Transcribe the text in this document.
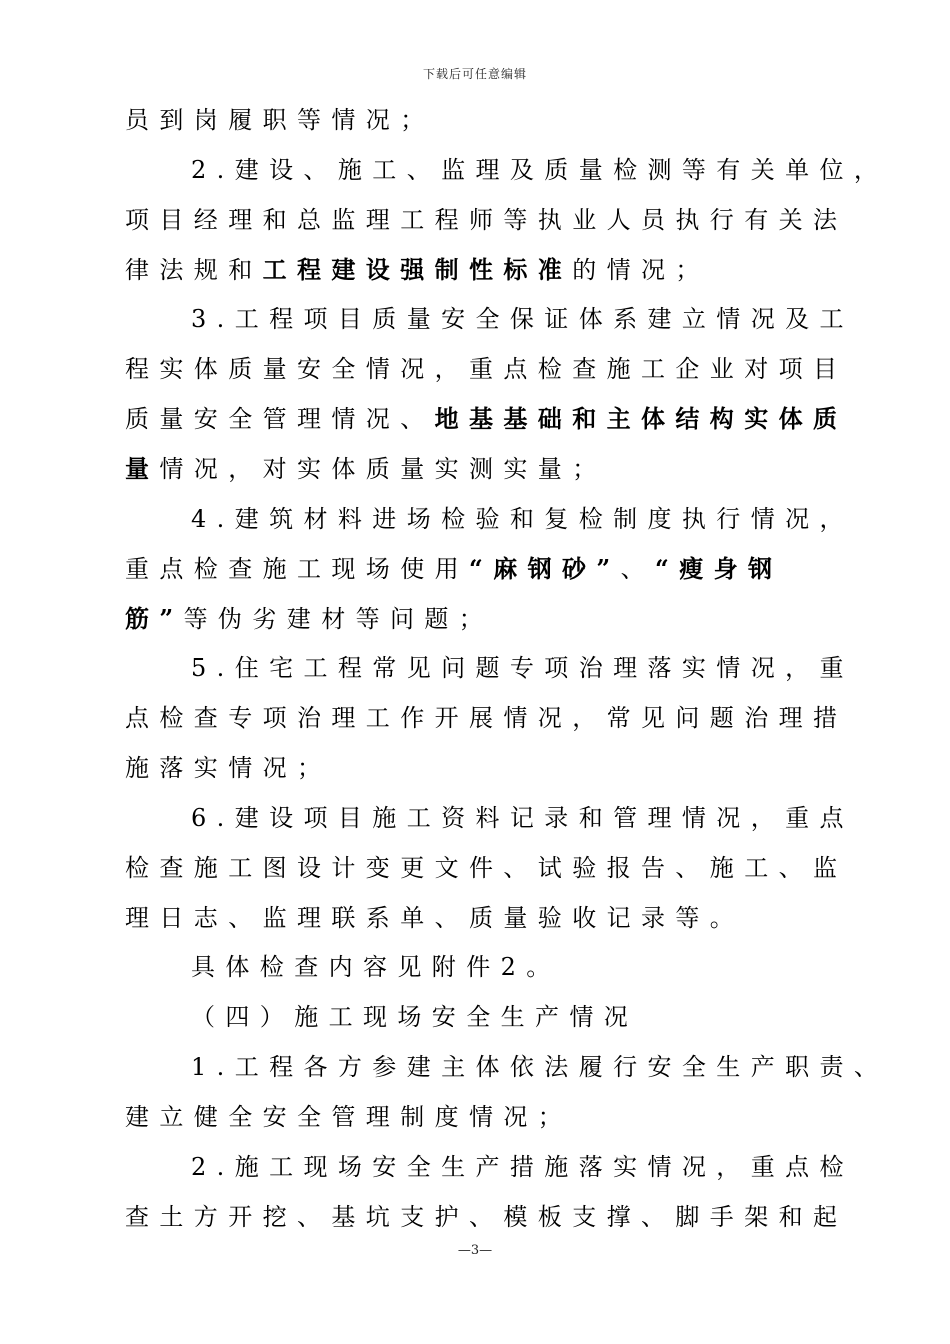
下载后可任意编辑
员到岗履职等情况；
2.建设、施工、监理及质量检测等有关单位，
项目经理和总监理工程师等执业人员执行有关法
律法规和工程建设强制性标准的情况；
3.工程项目质量安全保证体系建立情况及工
程实体质量安全情况，重点检查施工企业对项目
质量安全管理情况、地基基础和主体结构实体质
量情况，对实体质量实测实量；
4.建筑材料进场检验和复检制度执行情况，
重点检查施工现场使用“麻钢砂”、“瘦身钢
筋”等伪劣建材等问题；
5.住宅工程常见问题专项治理落实情况，重
点检查专项治理工作开展情况，常见问题治理措
施落实情况；
6.建设项目施工资料记录和管理情况，重点
检查施工图设计变更文件、试验报告、施工、监
理日志、监理联系单、质量验收记录等。
具体检查内容见附件2。
（四）施工现场安全生产情况
1.工程各方参建主体依法履行安全生产职责、
建立健全安全管理制度情况；
2.施工现场安全生产措施落实情况，重点检
查土方开挖、基坑支护、模板支撑、脚手架和起
—3—
